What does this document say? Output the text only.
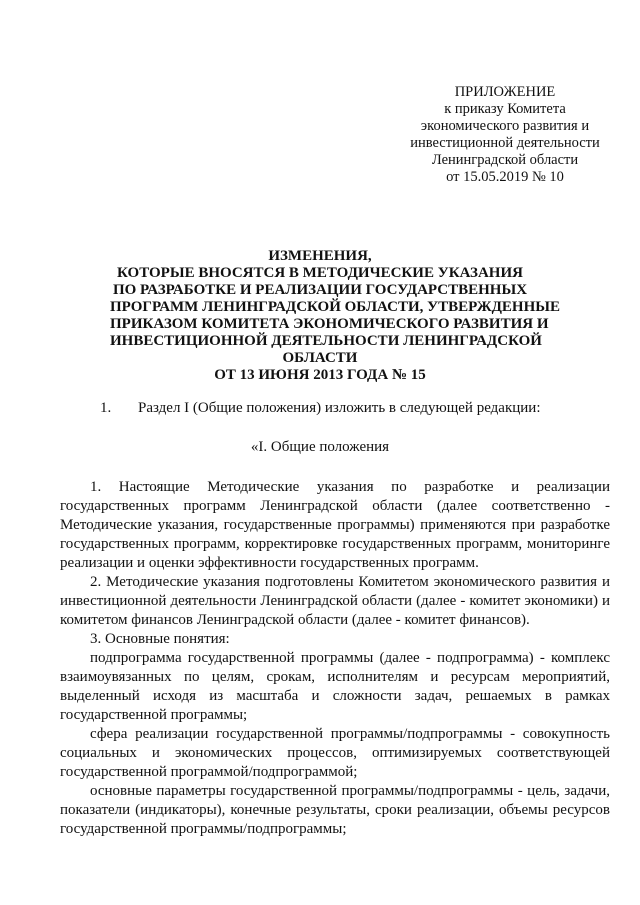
ПРИЛОЖЕНИЕ
к приказу Комитета
экономического развития и
инвестиционной деятельности
Ленинградской области
от 15.05.2019 № 10
ИЗМЕНЕНИЯ,
КОТОРЫЕ ВНОСЯТСЯ В МЕТОДИЧЕСКИЕ УКАЗАНИЯ
ПО РАЗРАБОТКЕ И РЕАЛИЗАЦИИ ГОСУДАРСТВЕННЫХ
ПРОГРАММ ЛЕНИНГРАДСКОЙ ОБЛАСТИ, УТВЕРЖДЕННЫЕ
ПРИКАЗОМ КОМИТЕТА ЭКОНОМИЧЕСКОГО РАЗВИТИЯ И
ИНВЕСТИЦИОННОЙ ДЕЯТЕЛЬНОСТИ ЛЕНИНГРАДСКОЙ
ОБЛАСТИ
ОТ 13 ИЮНЯ 2013 ГОДА № 15
1. Раздел I (Общие положения) изложить в следующей редакции:
«I. Общие положения

1. Настоящие Методические указания по разработке и реализации государственных программ Ленинградской области (далее соответственно - Методические указания, государственные программы) применяются при разработке государственных программ, корректировке государственных программ, мониторинге реализации и оценки эффективности государственных программ.

2. Методические указания подготовлены Комитетом экономического развития и инвестиционной деятельности Ленинградской области (далее - комитет экономики) и комитетом финансов Ленинградской области (далее - комитет финансов).

3. Основные понятия:

подпрограмма государственной программы (далее - подпрограмма) - комплекс взаимоувязанных по целям, срокам, исполнителям и ресурсам мероприятий, выделенный исходя из масштаба и сложности задач, решаемых в рамках государственной программы;

сфера реализации государственной программы/подпрограммы - совокупность социальных и экономических процессов, оптимизируемых соответствующей государственной программой/подпрограммой;

основные параметры государственной программы/подпрограммы - цель, задачи, показатели (индикаторы), конечные результаты, сроки реализации, объемы ресурсов государственной программы/подпрограммы;
